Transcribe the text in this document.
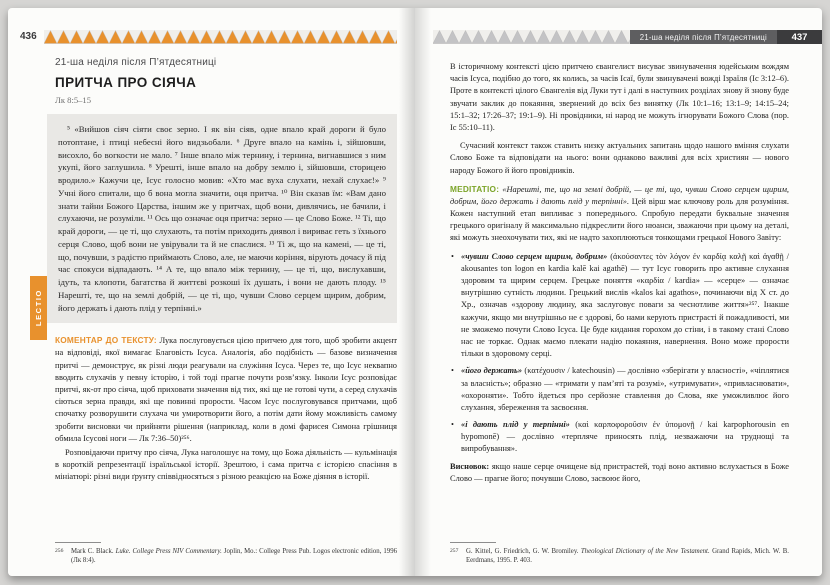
436
LECTIO
21-ша неділя після П’ятдесятниці
ПРИТЧА ПРО СІЯЧА
Лк 8:5–15

⁵ «Вийшов сіяч сіяти своє зерно. І як він сіяв, одне впало край дороги й було потоптане, і птиці небесні його видзьобали. ⁶ Друге впало на камінь і, зійшовши, висохло, бо вогкости не мало. ⁷ Інше впало між тернину, і тернина, вигнавшися з ним укупі, його заглушила. ⁸ Урешті, інше впало на добру землю і, зійшовши, сторицею вродило.» Кажучи це, Ісус голосно мовив: «Хто має вуха слухати, нехай слухає!» ⁹ Учні його спитали, що б вона могла значити, оця притча. ¹⁰ Він сказав їм: «Вам дано знати тайни Божого Царства, іншим же у притчах, щоб вони, дивлячись, не бачили, і слухаючи, не розуміли. ¹¹ Ось що означає оця притча: зерно — це Слово Боже. ¹² Ті, що край дороги, — це ті, що слухають, та потім приходить диявол і вириває геть з їхнього серця Слово, щоб вони не увірували та й не спаслися. ¹³ Ті ж, що на камені, — це ті, що, почувши, з радістю приймають Слово, але, не маючи коріння, вірують дочасу й під час спокуси відпадають. ¹⁴ А те, що впало між тернину, — це ті, що, вислухавши, ідуть, та клопоти, багатства й життєві розкоші їх душать, і вони не дають плоду. ¹⁵ Нарешті, те, що на землі добрій, — це ті, що, чувши Слово серцем щирим, добрим, його держать і дають плід у терпінні.»

КОМЕНТАР ДО ТЕКСТУ: Лука послуговується цією притчею для того, щоб зробити акцент на відповіді, якої вимагає Благовість Ісуса. Аналогія, або подібність — базове визначення притчі — демонструє, як різні люди реагували на служіння Ісуса. Через те, що Ісус неквапно вводить слухачів у певну історію, і той тоді прагне почути розв’язку. Інколи Ісус розповідає притчі, як-от про сіяча, щоб приховати значення від тих, які ще не готові чути, а серед слухачів сіються зерна правди, які ще повинні прорости. Часом Ісус послуговувався притчами, щоб спочатку розворушити слухача чи умиротворити його, а потім дати йому можливість самому зробити висновки чи прийняти рішення (наприклад, коли в домі фарисея Симона грішниця обмила Ісусові ноги — Лк 7:36–50)²⁵⁶.

Розповідаючи притчу про сіяча, Лука наголошує на тому, що Божа діяльність — кульмінація в короткій репрезентації ізраїльської історії. Зрештою, і сама притча є історією спасіння в мініатюрі: різні види ґрунту співвідносяться з різною реакцією на Боже діяння в історії.

256	Mark C. Black. Luke. College Press NIV Commentary. Joplin, Mo.: College Press Pub. Logos electronic edition, 1996 (Лк 8:4).
21-ша неділя після П’ятдесятниці	437

В історичному контексті цією притчею євангелист висуває звинувачення юдейським вождям часів Ісуса, подібно до того, як колись, за часів Ісаї, були звинувачені вожді Ізраїля (Іс 3:12–6). Проте в контексті цілого Євангелія від Луки тут і далі в наступних розділах знову й знову буде звучати заклик до покаяння, звернений до всіх без винятку (Лк 10:1–16; 13:1–9; 14:15–24; 15:1–32; 17:26–37; 19:1–9). Ні провідники, ні народ не можуть ігнорувати Божого Слова (пор. Іс 55:10–11).

Сучасний контекст також ставить низку актуальних запитань щодо нашого вміння слухати Слово Боже та відповідати на нього: вони однаково важливі для всіх християн — нового народу Божого й його провідників.

MEDITATIO: «Нарешті, те, що на землі добрій, — це ті, що, чувши Слово серцем щирим, добрим, його держать і дають плід у терпінні». Цей вірш має ключову роль для розуміння. Кожен наступний етап випливає з попереднього. Спробую передати буквальне значення грецького оригіналу й максимально підкреслити його нюанси, зважаючи при цьому на деталі, які можуть знеохочувати тих, які не надто захоплюються тонкощами грецької Нового Завіту:

• «чувши Слово серцем щирим, добрим» (ἀκούσαντες τὸν λόγον ἐν καρδίᾳ καλῇ καὶ ἀγαθῇ / akousantes ton logon en kardia kalē kai agathē) — тут Ісус говорить про активне слухання здоровим та щирим серцем. Грецьке поняття «καρδία / kardia» — «серце» — означає внутрішню сутність людини. Грецький вислів «kalos kai agathos», починаючи від X ст. до Хр., означав «здорову людину, яка заслуговує поваги за чеснотливе життя»²⁵⁷. Інакше кажучи, якщо ми внутрішньо не є здорові, бо нами керують пристрасті й пожадливості, ми не зможемо почути Слово Ісуса. Це буде кидання горохом до стіни, і в такому стані Слово нас не торкає. Однак маємо плекати надію покаяння, навернення. Воно може прорости тільки в здоровому серці.
• «його держать» (κατέχουσιν / katechousin) — дослівно «зберігати у власності», «чіплятися за власність»; образно — «тримати у пам’яті та розумі», «утримувати», «привласнювати», «охороняти». Тобто йдеться про серйозне ставлення до Слова, яке уможливлює його слухання, збереження та засвоєння.
• «і дають плід у терпінні» (καὶ καρποφοροῦσιν ἐν ὑπομονῇ / kai karpophorousin en hypomonē) — дослівно «терпляче приносять плід, незважаючи на труднощі та випробування».

Висновок: якщо наше серце очищене від пристрастей, тоді воно активно вслухається в Боже Слово — прагне його; почувши Слово, засвоює його,

257	G. Kittel, G. Friedrich, G. W. Bromiley. Theological Dictionary of the New Testament. Grand Rapids, Mich. W. B. Eerdmans, 1995. P. 403.
